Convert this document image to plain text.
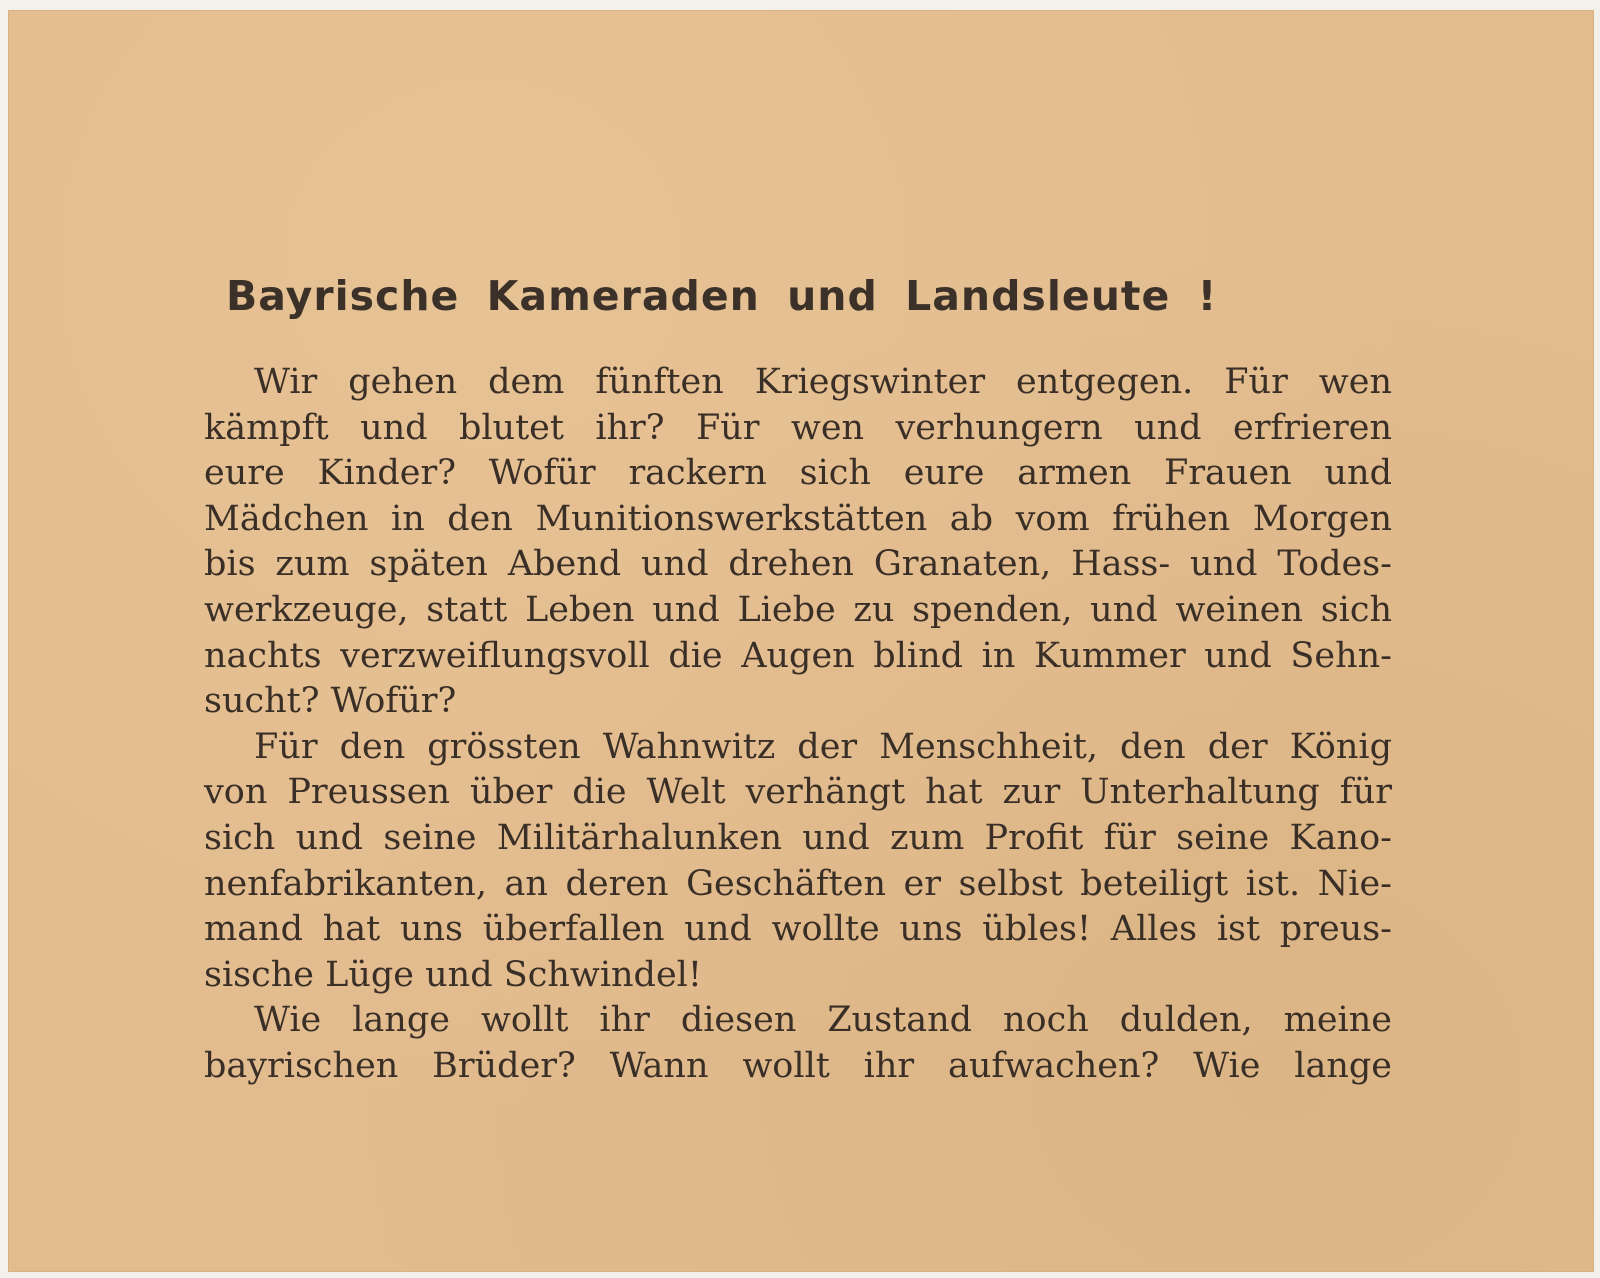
Bayrische Kameraden und Landsleute !
Wir gehen dem fünften Kriegswinter entgegen. Für wen
kämpft und blutet ihr? Für wen verhungern und erfrieren
eure Kinder? Wofür rackern sich eure armen Frauen und
Mädchen in den Munitionswerkstätten ab vom frühen Morgen
bis zum späten Abend und drehen Granaten, Hass- und Todes-
werkzeuge, statt Leben und Liebe zu spenden, und weinen sich
nachts verzweiflungsvoll die Augen blind in Kummer und Sehn-
sucht? Wofür?
Für den grössten Wahnwitz der Menschheit, den der König
von Preussen über die Welt verhängt hat zur Unterhaltung für
sich und seine Militärhalunken und zum Profit für seine Kano-
nenfabrikanten, an deren Geschäften er selbst beteiligt ist. Nie-
mand hat uns überfallen und wollte uns übles! Alles ist preus-
sische Lüge und Schwindel!
Wie lange wollt ihr diesen Zustand noch dulden, meine
bayrischen Brüder? Wann wollt ihr aufwachen? Wie lange
